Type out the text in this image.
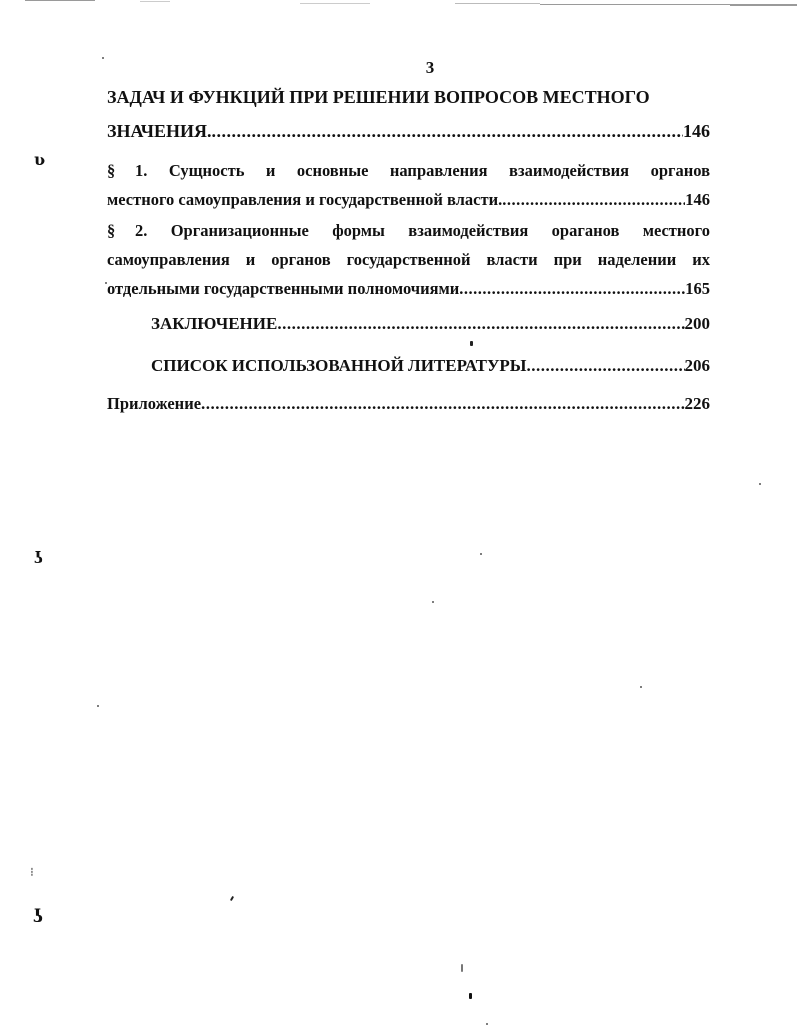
3
ЗАДАЧ И ФУНКЦИЙ ПРИ РЕШЕНИИ ВОПРОСОВ МЕСТНОГО
ЗНАЧЕНИЯ. .....	146
§ 1. Сущность и основные направления взаимодействия органов
местного самоуправления и государственной власти. .....	146
§ 2. Организационные формы взаимодействия ораганов местного
самоуправления и органов государственной власти при наделении их
отдельными государственными полномочиями .....	165
ЗАКЛЮЧЕНИЕ .....	200
СПИСОК ИСПОЛЬЗОВАННОЙ ЛИТЕРАТУРЫ .....	206
Приложение .....	226
ʋ
ʖ
⁝
ʖ
